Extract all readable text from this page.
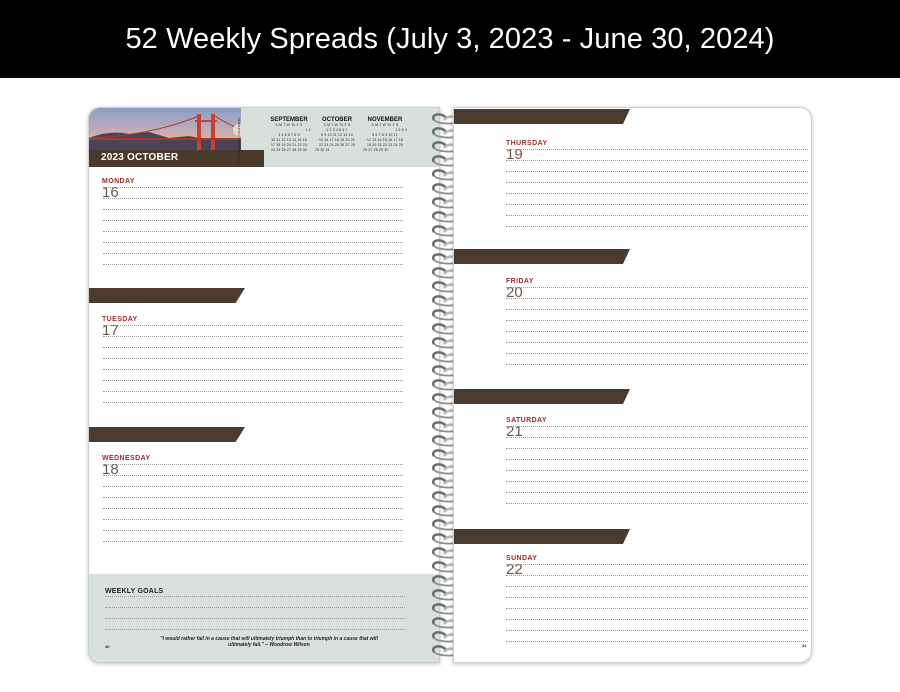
52 Weekly Spreads (July 3, 2023 - June 30, 2024)
2023 OCTOBER	SAN FRANCISCO, CALIFORNIA	SEPTEMBER
S M T W Th F S
1 2
3 4 5 6 7 8 9
10 11 12 13 14 15 16
17 18 19 20 21 22 23
24 25 26 27 28 29 30
OCTOBER
S M T W Th F S
1 2 3 4 5 6 7
8 9 10 11 12 13 14
15 16 17 18 19 20 21
22 23 24 25 26 27 28
29 30 31
NOVEMBER
S M T W Th F S
1 2 3 4
5 6 7 8 9 10 11
12 13 14 15 16 17 18
19 20 21 22 23 24 25
26 27 28 29 30
MONDAY
16
TUESDAY
17
WEDNESDAY
18
WEEKLY GOALS
"I would rather fail in a cause that will ultimately triumph than to triumph in a cause that will ultimately fail." – Woodrow Wilson
40
THURSDAY
19
FRIDAY
20
SATURDAY
21
SUNDAY
22
41
